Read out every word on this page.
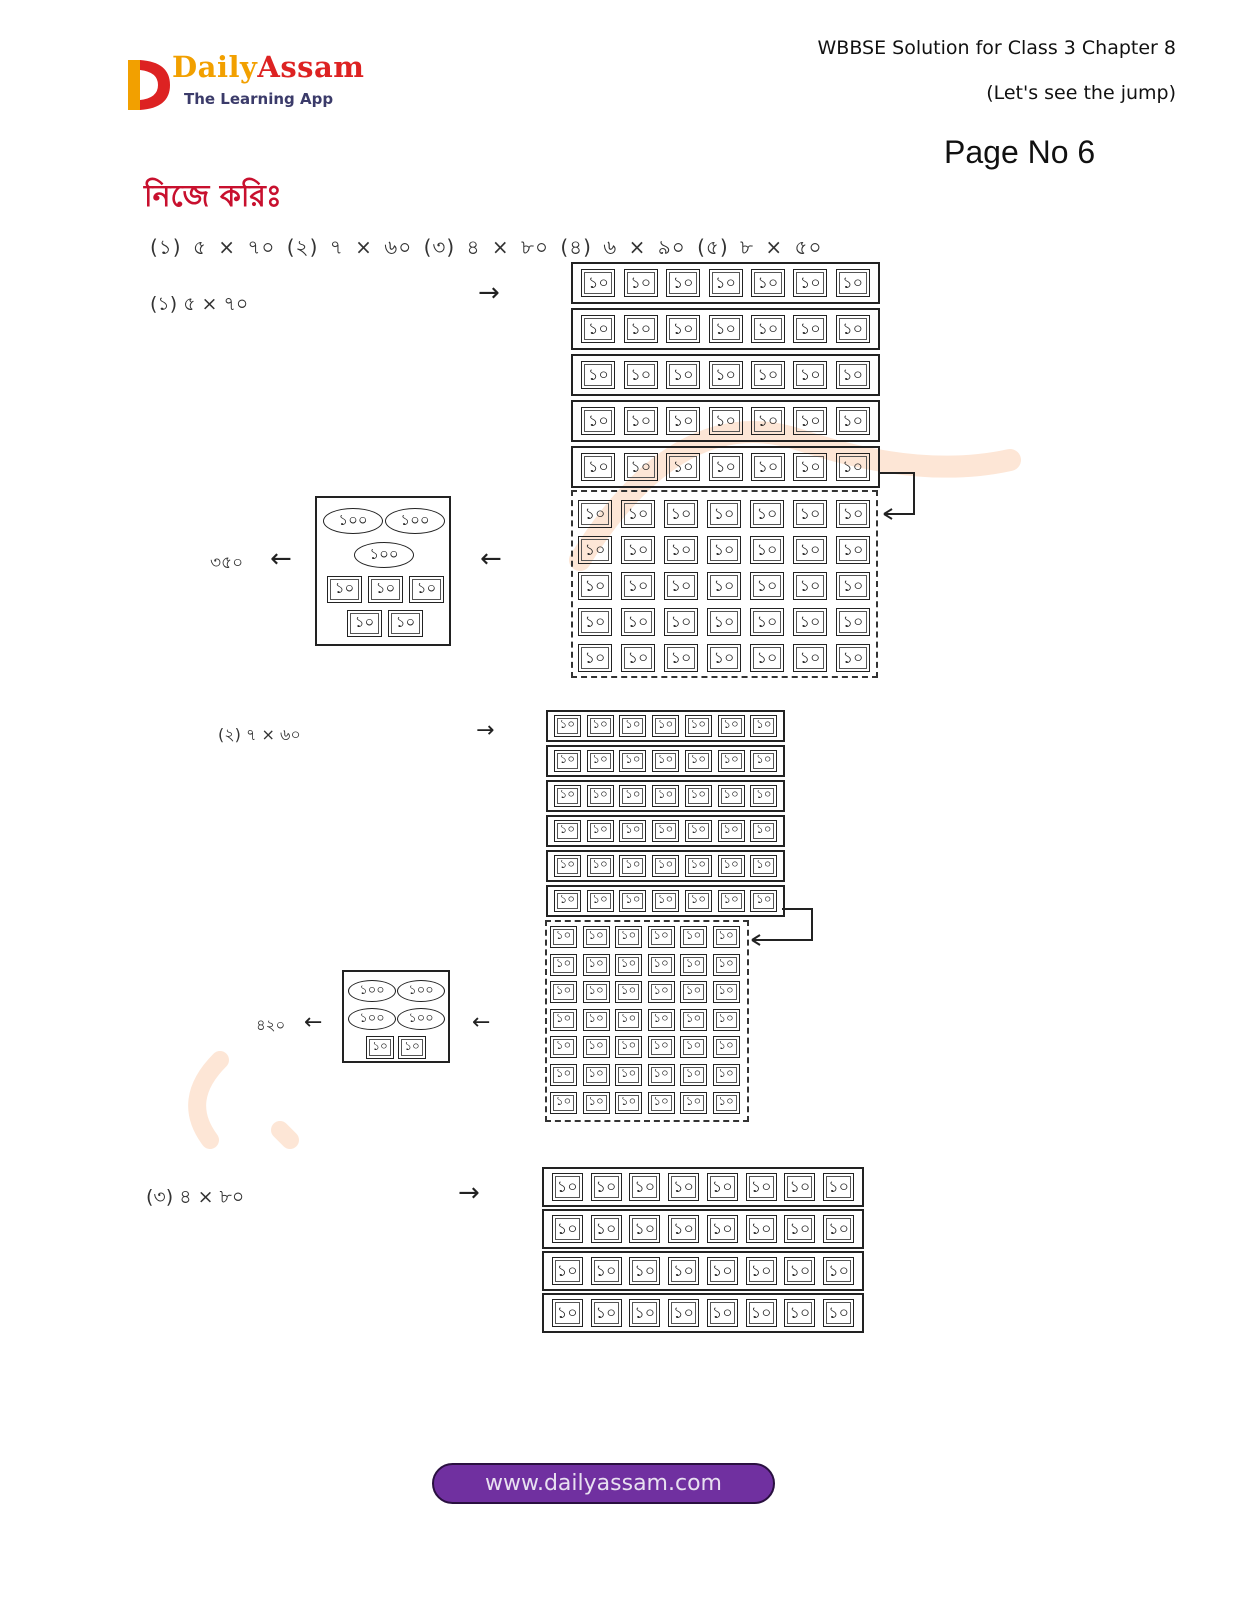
DailyAssam
The Learning App
WBBSE Solution for Class 3 Chapter 8
(Let's see the jump)
Page No 6
নিজে করিঃ
(১) ৫ × ৭০ (২) ৭ × ৬০ (৩) ৪ × ৮০ (৪) ৬ × ৯০ (৫) ৮ × ৫০
(১) ৫ × ৭০	→	১০	১০	১০	১০	১০	১০	১০
১০	১০	১০	১০	১০	১০	১০
১০	১০	১০	১০	১০	১০	১০
১০	১০	১০	১০	১০	১০	১০
১০	১০	১০	১০	১০	১০	১০
১০	১০	১০	১০	১০	১০	১০
১০	১০	১০	১০	১০	১০	১০
১০	১০	১০	১০	১০	১০	১০
১০	১০	১০	১০	১০	১০	১০
১০	১০	১০	১০	১০	১০	১০
←
১০০	১০০
১০০
১০	১০	১০
১০	১০
←
৩৫০
(২) ৭ × ৬০	→	১০	১০	১০	১০	১০	১০	১০
১০	১০	১০	১০	১০	১০	১০
১০	১০	১০	১০	১০	১০	১০
১০	১০	১০	১০	১০	১০	১০
১০	১০	১০	১০	১০	১০	১০
১০	১০	১০	১০	১০	১০	১০
১০	১০	১০	১০	১০	১০
১০	১০	১০	১০	১০	১০
১০	১০	১০	১০	১০	১০
১০	১০	১০	১০	১০	১০
১০	১০	১০	১০	১০	১০
১০	১০	১০	১০	১০	১০
১০	১০	১০	১০	১০	১০
←
১০০	১০০
১০০	১০০
১০	১০
←
৪২০
(৩) ৪ × ৮০	→	১০	১০	১০	১০	১০	১০	১০	১০
১০	১০	১০	১০	১০	১০	১০	১০
১০	১০	১০	১০	১০	১০	১০	১০
১০	১০	১০	১০	১০	১০	১০	১০
www.dailyassam.com
